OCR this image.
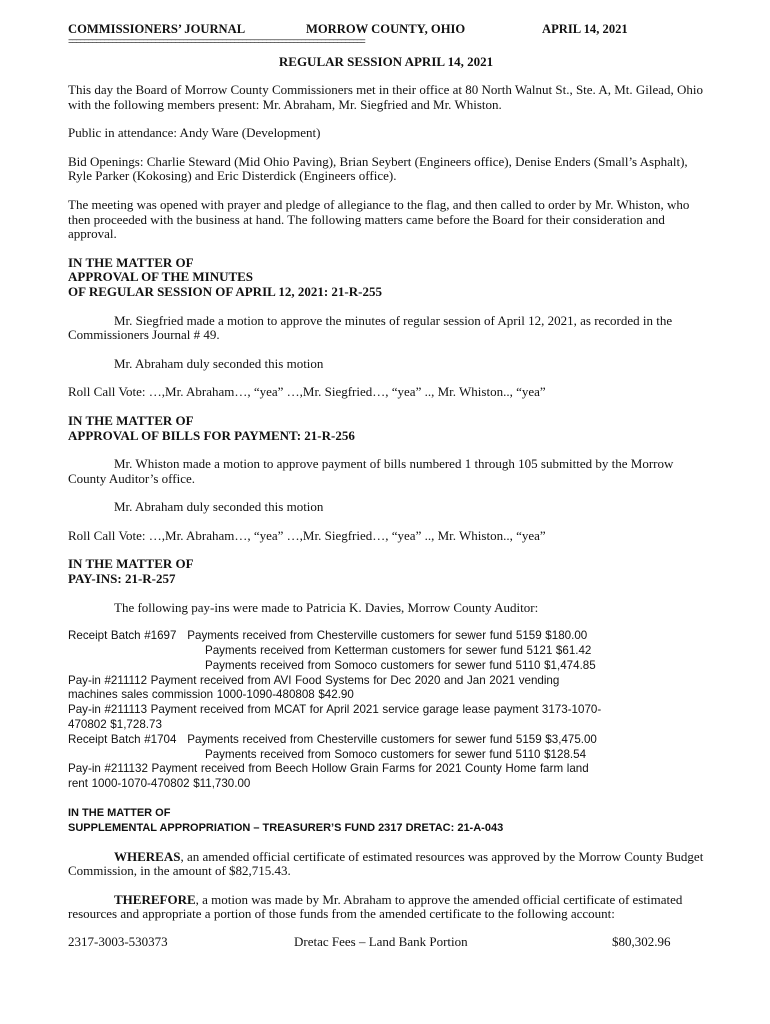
COMMISSIONERS’ JOURNAL	MORROW COUNTY, OHIO	APRIL 14, 2021
===========================================================================
REGULAR SESSION APRIL 14, 2021

This day the Board of Morrow County Commissioners met in their office at 80 North Walnut St., Ste. A, Mt. Gilead, Ohio with the following members present: Mr. Abraham, Mr. Siegfried and Mr. Whiston.

Public in attendance: Andy Ware (Development)

Bid Openings: Charlie Steward (Mid Ohio Paving), Brian Seybert (Engineers office), Denise Enders (Small’s Asphalt), Ryle Parker (Kokosing) and Eric Disterdick (Engineers office).

The meeting was opened with prayer and pledge of allegiance to the flag, and then called to order by Mr. Whiston, who then proceeded with the business at hand. The following matters came before the Board for their consideration and approval.

IN THE MATTER OF

APPROVAL OF THE MINUTES

OF REGULAR SESSION OF APRIL 12, 2021: 21-R-255

Mr. Siegfried made a motion to approve the minutes of regular session of April 12, 2021, as recorded in the Commissioners Journal # 49.

Mr. Abraham duly seconded this motion

Roll Call Vote: …,Mr. Abraham…, “yea” …,Mr. Siegfried…, “yea” .., Mr. Whiston.., “yea”

IN THE MATTER OF

APPROVAL OF BILLS FOR PAYMENT: 21-R-256

Mr. Whiston made a motion to approve payment of bills numbered 1 through 105 submitted by the Morrow County Auditor’s office.

Mr. Abraham duly seconded this motion

Roll Call Vote: …,Mr. Abraham…, “yea” …,Mr. Siegfried…, “yea” .., Mr. Whiston.., “yea”

IN THE MATTER OF

PAY-INS: 21-R-257

The following pay-ins were made to Patricia K. Davies, Morrow County Auditor:

Receipt Batch #1697   Payments received from Chesterville customers for sewer fund 5159 $180.00

Payments received from Ketterman customers for sewer fund 5121 $61.42

Payments received from Somoco customers for sewer fund 5110 $1,474.85

Pay-in #211112 Payment received from AVI Food Systems for Dec 2020 and Jan 2021 vending

machines sales commission 1000-1090-480808 $42.90

Pay-in #211113 Payment received from MCAT for April 2021 service garage lease payment 3173-1070-

470802 $1,728.73

Receipt Batch #1704   Payments received from Chesterville customers for sewer fund 5159 $3,475.00

Payments received from Somoco customers for sewer fund 5110 $128.54

Pay-in #211132 Payment received from Beech Hollow Grain Farms for 2021 County Home farm land

rent 1000-1070-470802 $11,730.00

IN THE MATTER OF

SUPPLEMENTAL APPROPRIATION – TREASURER’S FUND 2317 DRETAC: 21-A-043

WHEREAS, an amended official certificate of estimated resources was approved by the Morrow County Budget Commission, in the amount of $82,715.43.

THEREFORE, a motion was made by Mr. Abraham to approve the amended official certificate of estimated resources and appropriate a portion of those funds from the amended certificate to the following account:

2317-3003-530373	Dretac Fees – Land Bank Portion	$80,302.96
